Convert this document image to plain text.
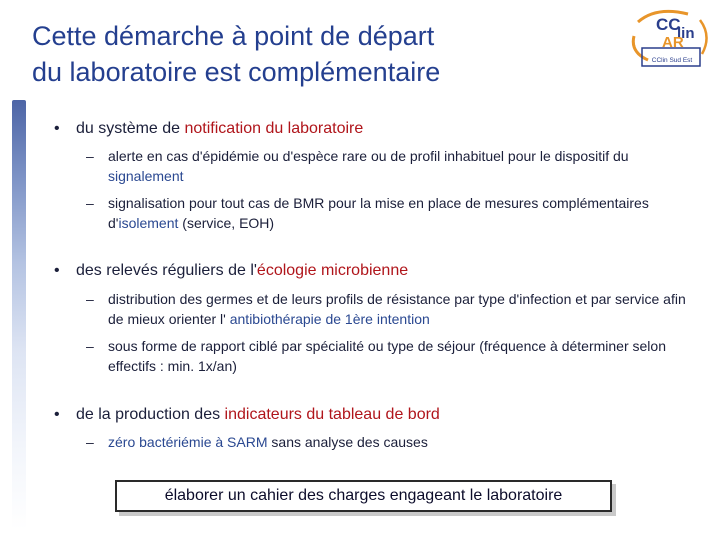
Cette démarche à point de départ
du laboratoire est complémentaire
CC
lin
AR
CClin Sud Est
• du système de notification du laboratoire
–	alerte en cas d'épidémie ou d'espèce rare ou de profil inhabituel pour le dispositif du signalement
–	signalisation pour tout cas de BMR pour la mise en place de mesures complémentaires d'isolement (service, EOH)
• des relevés réguliers de l'écologie microbienne
–	distribution des germes et de leurs profils de résistance par type d'infection et par service afin de mieux orienter l' antibiothérapie de 1ère intention
–	sous forme de rapport ciblé par spécialité ou type de séjour (fréquence à déterminer selon effectifs : min. 1x/an)
• de la production des indicateurs du tableau de bord
–	zéro bactériémie à SARM sans analyse des causes
élaborer un cahier des charges engageant le laboratoire
